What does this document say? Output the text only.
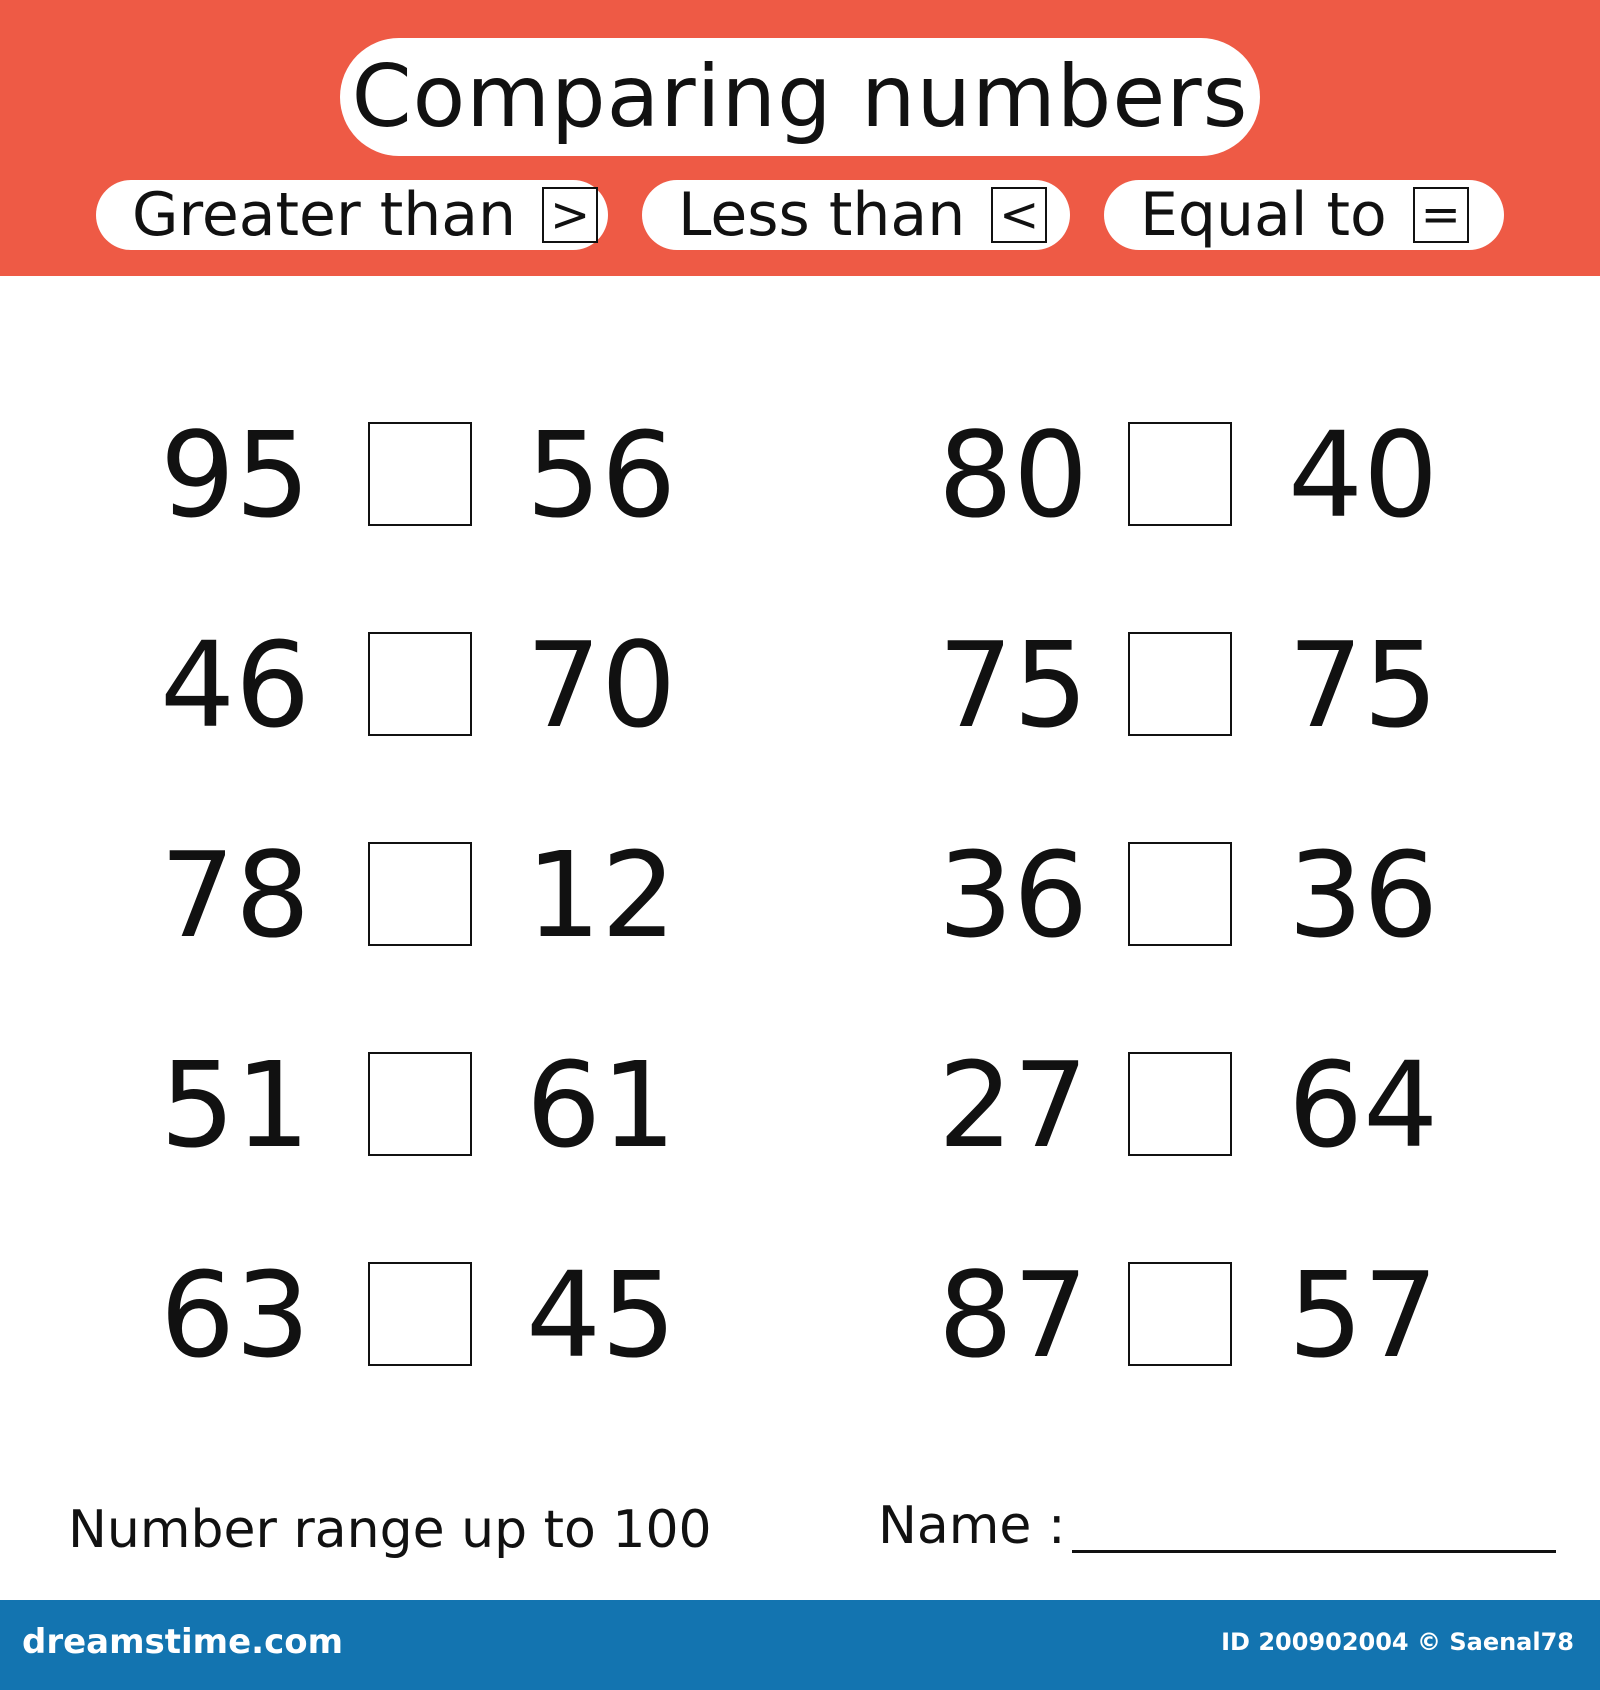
Comparing numbers
Greater than > Less than < Equal to =
95 56
46 70
78 12
51 61
63 45
80 40
75 75
36 36
27 64
87 57
Number range up to 100	Name :
dreamstime.com	ID 200902004 © Saenal78
